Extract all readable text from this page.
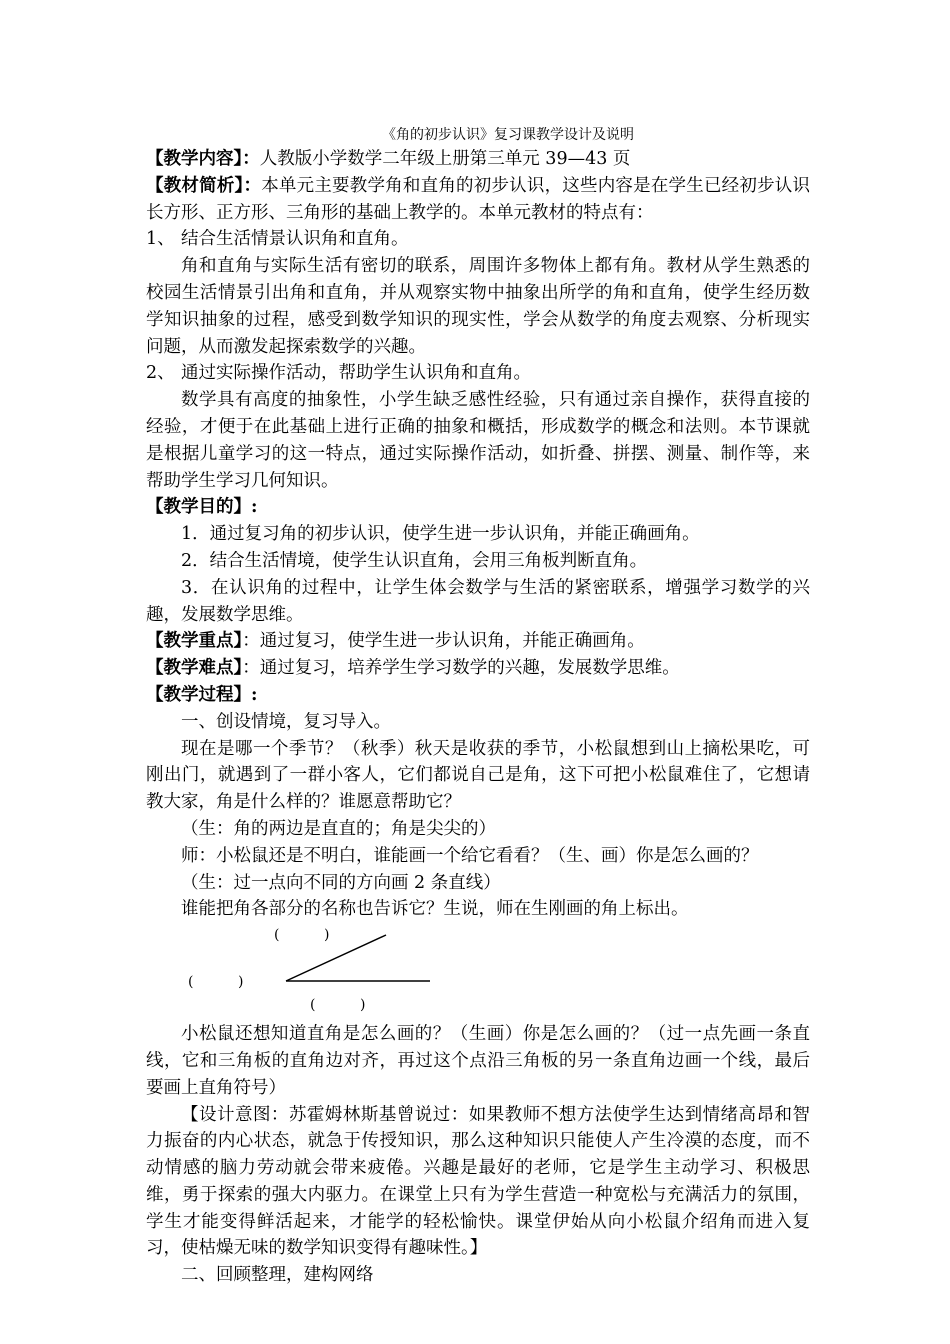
《角的初步认识》复习课教学设计及说明

【教学内容】：人教版小学数学二年级上册第三单元 39—43 页

【教材简析】：本单元主要教学角和直角的初步认识，这些内容是在学生已经初步认识长方形、正方形、三角形的基础上教学的。本单元教材的特点有：

1、 结合生活情景认识角和直角。

角和直角与实际生活有密切的联系，周围许多物体上都有角。教材从学生熟悉的校园生活情景引出角和直角，并从观察实物中抽象出所学的角和直角，使学生经历数学知识抽象的过程，感受到数学知识的现实性，学会从数学的角度去观察、分析现实问题，从而激发起探索数学的兴趣。

2、 通过实际操作活动，帮助学生认识角和直角。

数学具有高度的抽象性，小学生缺乏感性经验，只有通过亲自操作，获得直接的经验，才便于在此基础上进行正确的抽象和概括，形成数学的概念和法则。本节课就是根据儿童学习的这一特点，通过实际操作活动，如折叠、拼摆、测量、制作等，来帮助学生学习几何知识。

【教学目的】:

1．通过复习角的初步认识，使学生进一步认识角，并能正确画角。

2．结合生活情境，使学生认识直角，会用三角板判断直角。

3．在认识角的过程中，让学生体会数学与生活的紧密联系，增强学习数学的兴趣，发展数学思维。

【教学重点】：通过复习，使学生进一步认识角，并能正确画角。

【教学难点】：通过复习，培养学生学习数学的兴趣，发展数学思维。

【教学过程】:

一、创设情境，复习导入。

现在是哪一个季节？（秋季）秋天是收获的季节，小松鼠想到山上摘松果吃，可刚出门，就遇到了一群小客人，它们都说自己是角，这下可把小松鼠难住了，它想请教大家，角是什么样的？谁愿意帮助它？

（生：角的两边是直直的；角是尖尖的）

师：小松鼠还是不明白，谁能画一个给它看看？（生、画）你是怎么画的？

（生：过一点向不同的方向画 2 条直线）

谁能把角各部分的名称也告诉它？生说，师在生刚画的角上标出。

(          )
(          )
(          )

小松鼠还想知道直角是怎么画的？（生画）你是怎么画的？（过一点先画一条直线，它和三角板的直角边对齐，再过这个点沿三角板的另一条直角边画一个线，最后要画上直角符号）

【设计意图：苏霍姆林斯基曾说过：如果教师不想方法使学生达到情绪高昂和智力振奋的内心状态，就急于传授知识，那么这种知识只能使人产生冷漠的态度，而不动情感的脑力劳动就会带来疲倦。兴趣是最好的老师，它是学生主动学习、积极思维，勇于探索的强大内驱力。在课堂上只有为学生营造一种宽松与充满活力的氛围，学生才能变得鲜活起来，才能学的轻松愉快。课堂伊始从向小松鼠介绍角而进入复习，使枯燥无味的数学知识变得有趣味性。】

二、回顾整理，建构网络
